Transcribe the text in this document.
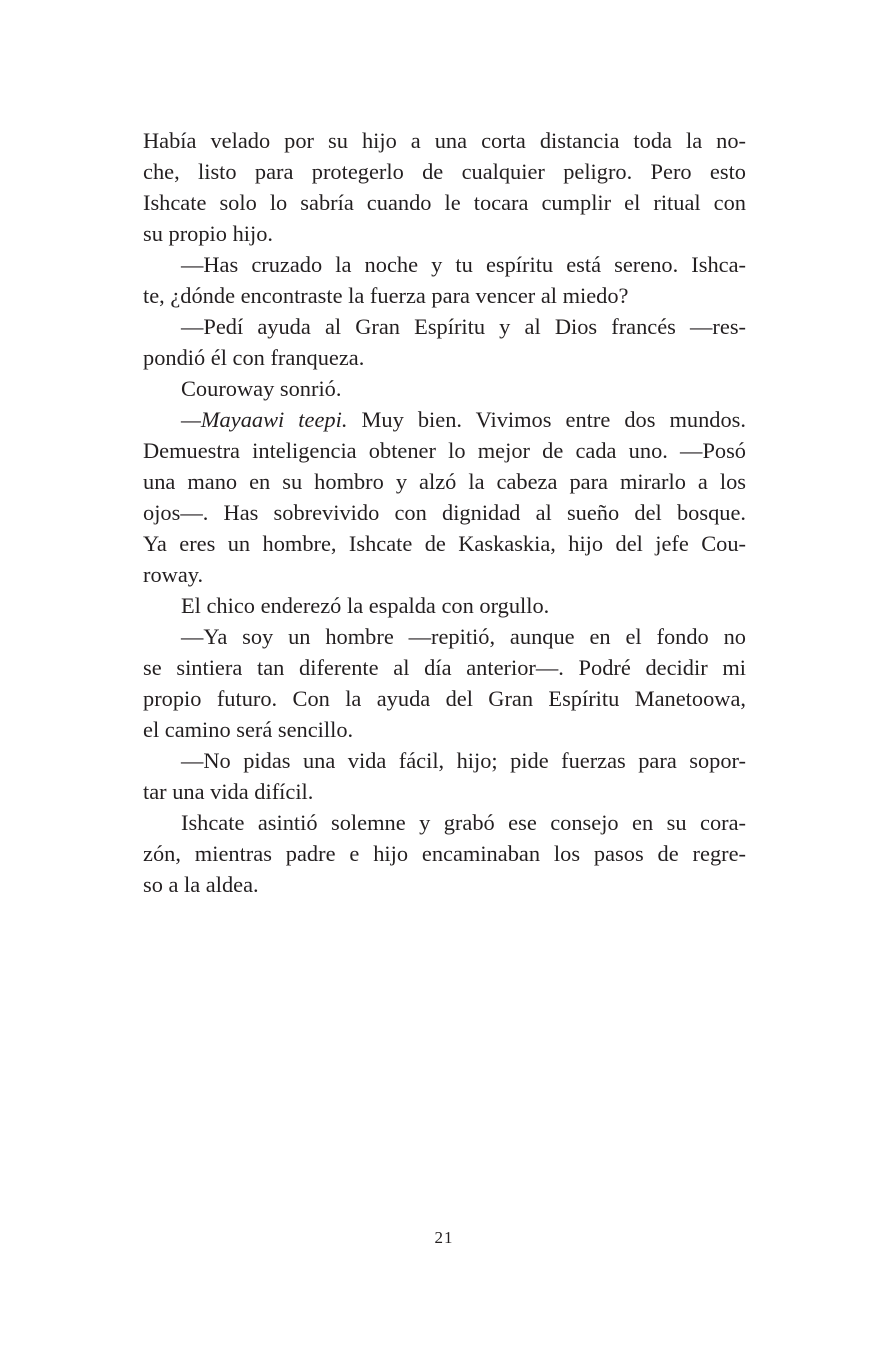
Había velado por su hijo a una corta distancia toda la no-
che, listo para protegerlo de cualquier peligro. Pero esto
Ishcate solo lo sabría cuando le tocara cumplir el ritual con
su propio hijo.
—Has cruzado la noche y tu espíritu está sereno. Ishca-
te, ¿dónde encontraste la fuerza para vencer al miedo?
—Pedí ayuda al Gran Espíritu y al Dios francés —res-
pondió él con franqueza.
Couroway sonrió.
—Mayaawi teepi. Muy bien. Vivimos entre dos mundos.
Demuestra inteligencia obtener lo mejor de cada uno. —Posó
una mano en su hombro y alzó la cabeza para mirarlo a los
ojos—. Has sobrevivido con dignidad al sueño del bosque.
Ya eres un hombre, Ishcate de Kaskaskia, hijo del jefe Cou-
roway.
El chico enderezó la espalda con orgullo.
—Ya soy un hombre —repitió, aunque en el fondo no
se sintiera tan diferente al día anterior—. Podré decidir mi
propio futuro. Con la ayuda del Gran Espíritu Manetoowa,
el camino será sencillo.
—No pidas una vida fácil, hijo; pide fuerzas para sopor-
tar una vida difícil.
Ishcate asintió solemne y grabó ese consejo en su cora-
zón, mientras padre e hijo encaminaban los pasos de regre-
so a la aldea.
21
